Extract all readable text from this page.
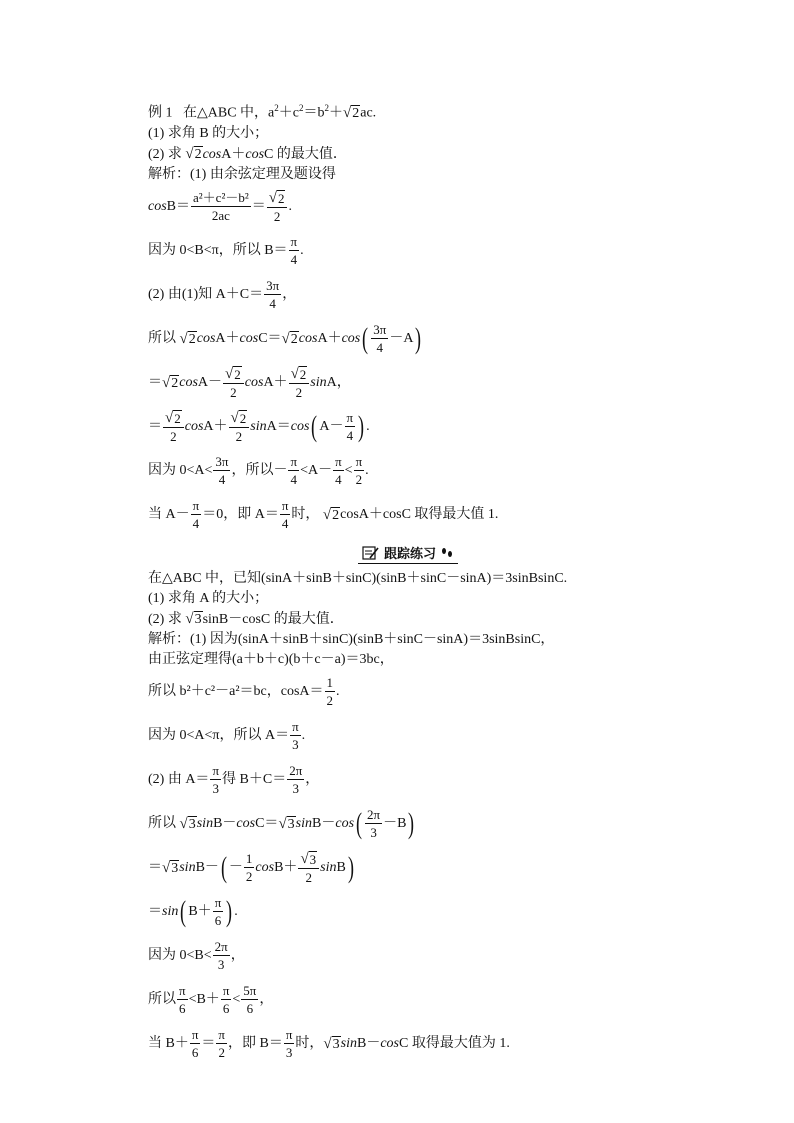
例 1 在△ABC 中，$a^2+c^2=b^2+$ √ 2 ac.
(1) 求角 B 的大小；
(2) 求 √ 2 cosA＋cosC 的最大值．
解析：(1) 由余弦定理及题设得
$\cos B = \frac{\text{a²＋c²－b²}}{2ac} = \frac{√ 2}{2}$ .
因为 0<B<π，所以 $B= \frac{\pi}{4}$ .
(2) 由(1)知 $A+C= \frac{3\pi}{4}$ ，
所以
√ 2 cos A＋ cos C＝ √ 2 cos A＋ cos ( $\frac{3\pi}{4} -A$ )
＝ √ 2 $\cos A- \frac{√ 2}{2}$ $\cos A+ \frac{√ 2}{2}$ sin A，
＝ $\frac{√ 2}{2}$ $\cos A+ \frac{√ 2}{2}$ sin A＝ cos ( $A- \frac{\pi}{4}$ ) .
因为 $0<A< \frac{3\pi}{4}$ ，所以－ $\frac{\pi}{4} <A- \frac{\pi}{4} < \frac{\pi}{2}$ .
当 $A- \frac{\pi}{4} =0$，即 $A= \frac{\pi}{4}$ 时，
√ 2 cosA＋cosC 取得最大值 1.
跟踪练习
在△ABC 中，已知(sinA＋sinB＋sinC)(sinB＋sinC－sinA)＝3sinBsinC.
(1) 求角 A 的大小；
(2) 求 √ 3 sinB－cosC 的最大值．
解析：(1) 因为(sinA＋sinB＋sinC)(sinB＋sinC－sinA)＝3sinBsinC，
由正弦定理得(a＋b＋c)(b＋c－a)＝3bc，
所以 b²＋c²－a²＝bc，$\cos A= \frac{1}{2}$ .
因为 0<A<π，所以 $A= \frac{\pi}{3}$ .
(2) 由 $A= \frac{\pi}{3}$ 得 $B+C= \frac{2\pi}{3}$ ，
所以
√ 3 sin B－ cos C＝ √ 3 sin B－ cos ( $\frac{2\pi}{3} -B$ )
＝ √ 3 sin B－ ( － $\frac{1}{2}$ $\cos B+ \frac{√ 3}{2}$ sin B )
＝ sin ( $B+ \frac{\pi}{6}$ ) .
因为 $0<B< \frac{2\pi}{3}$ ，
所以 $\frac{\pi}{6} <B+ \frac{\pi}{6} < \frac{5\pi}{6}$ ，
当 $B+ \frac{\pi}{6} = \frac{\pi}{2}$ ，即 $B= \frac{\pi}{3}$ 时， √ 3 sin B－ cos C 取得最大值为 1.
